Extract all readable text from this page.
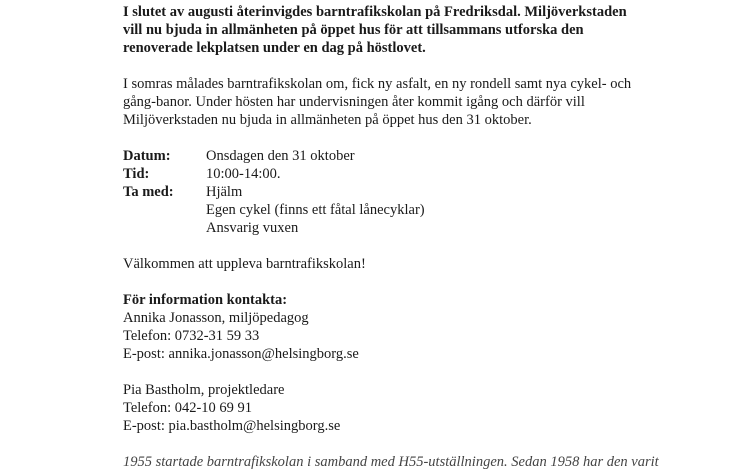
I slutet av augusti återinvigdes barntrafikskolan på Fredriksdal. Miljöverkstaden vill nu bjuda in allmänheten på öppet hus för att tillsammans utforska den renoverade lekplatsen under en dag på höstlovet.

I somras målades barntrafikskolan om, fick ny asfalt, en ny rondell samt nya cykel- och gång-banor. Under hösten har undervisningen åter kommit igång och därför vill Miljöverkstaden nu bjuda in allmänheten på öppet hus den 31 oktober.

Datum:	Onsdagen den 31 oktober
Tid:	10:00-14:00.
Ta med:	Hjälm
Egen cykel (finns ett fåtal lånecyklar)
Ansvarig vuxen

Välkommen att uppleva barntrafikskolan!

För information kontakta:
Annika Jonasson, miljöpedagog
Telefon: 0732-31 59 33
E-post: annika.jonasson@helsingborg.se
Pia Bastholm, projektledare
Telefon: 042-10 69 91
E-post: pia.bastholm@helsingborg.se

1955 startade barntrafikskolan i samband med H55-utställningen. Sedan 1958 har den varit
